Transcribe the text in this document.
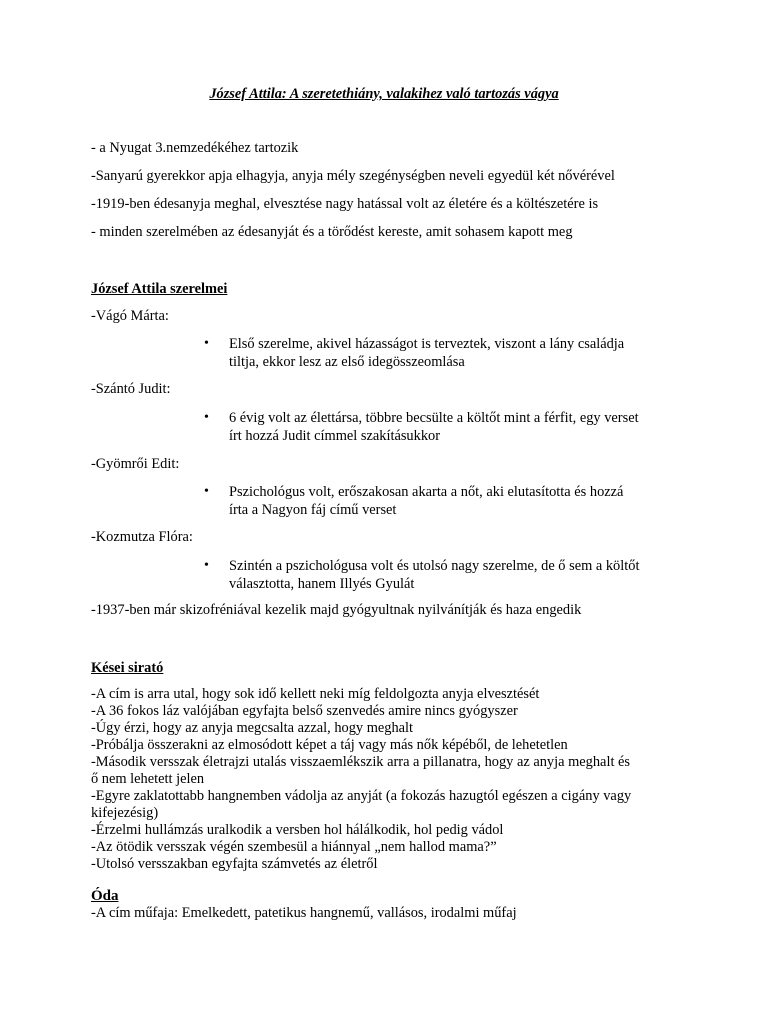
József Attila: A szeretethiány, valakihez való tartozás vágya
- a Nyugat 3.nemzedékéhez tartozik
-Sanyarú gyerekkor apja elhagyja, anyja mély szegénységben neveli egyedül két nővérével
-1919-ben édesanyja meghal, elvesztése nagy hatással volt az életére és a költészetére is
- minden szerelmében az édesanyját és a törődést kereste, amit sohasem kapott meg
József Attila szerelmei
-Vágó Márta:
• Első szerelme, akivel házasságot is terveztek, viszont a lány családja
tiltja, ekkor lesz az első idegösszeomlása
-Szántó Judit:
• 6 évig volt az élettársa, többre becsülte a költőt mint a férfit, egy verset
írt hozzá Judit címmel szakításukkor
-Gyömrői Edit:
• Pszichológus volt, erőszakosan akarta a nőt, aki elutasította és hozzá
írta a Nagyon fáj című verset
-Kozmutza Flóra:
• Szintén a pszichológusa volt és utolsó nagy szerelme, de ő sem a költőt
választotta, hanem Illyés Gyulát
-1937-ben már skizofréniával kezelik majd gyógyultnak nyilvánítják és haza engedik
Kései sirató
-A cím is arra utal, hogy sok idő kellett neki míg feldolgozta anyja elvesztését
-A 36 fokos láz valójában egyfajta belső szenvedés amire nincs gyógyszer
-Úgy érzi, hogy az anyja megcsalta azzal, hogy meghalt
-Próbálja összerakni az elmosódott képet a táj vagy más nők képéből, de lehetetlen
-Második versszak életrajzi utalás visszaemlékszik arra a pillanatra, hogy az anyja meghalt és
ő nem lehetett jelen
-Egyre zaklatottabb hangnemben vádolja az anyját (a fokozás hazugtól egészen a cigány vagy
kifejezésig)
-Érzelmi hullámzás uralkodik a versben hol hálálkodik, hol pedig vádol
-Az ötödik versszak végén szembesül a hiánnyal „nem hallod mama?”
-Utolsó versszakban egyfajta számvetés az életről
Óda
-A cím műfaja: Emelkedett, patetikus hangnemű, vallásos, irodalmi műfaj
